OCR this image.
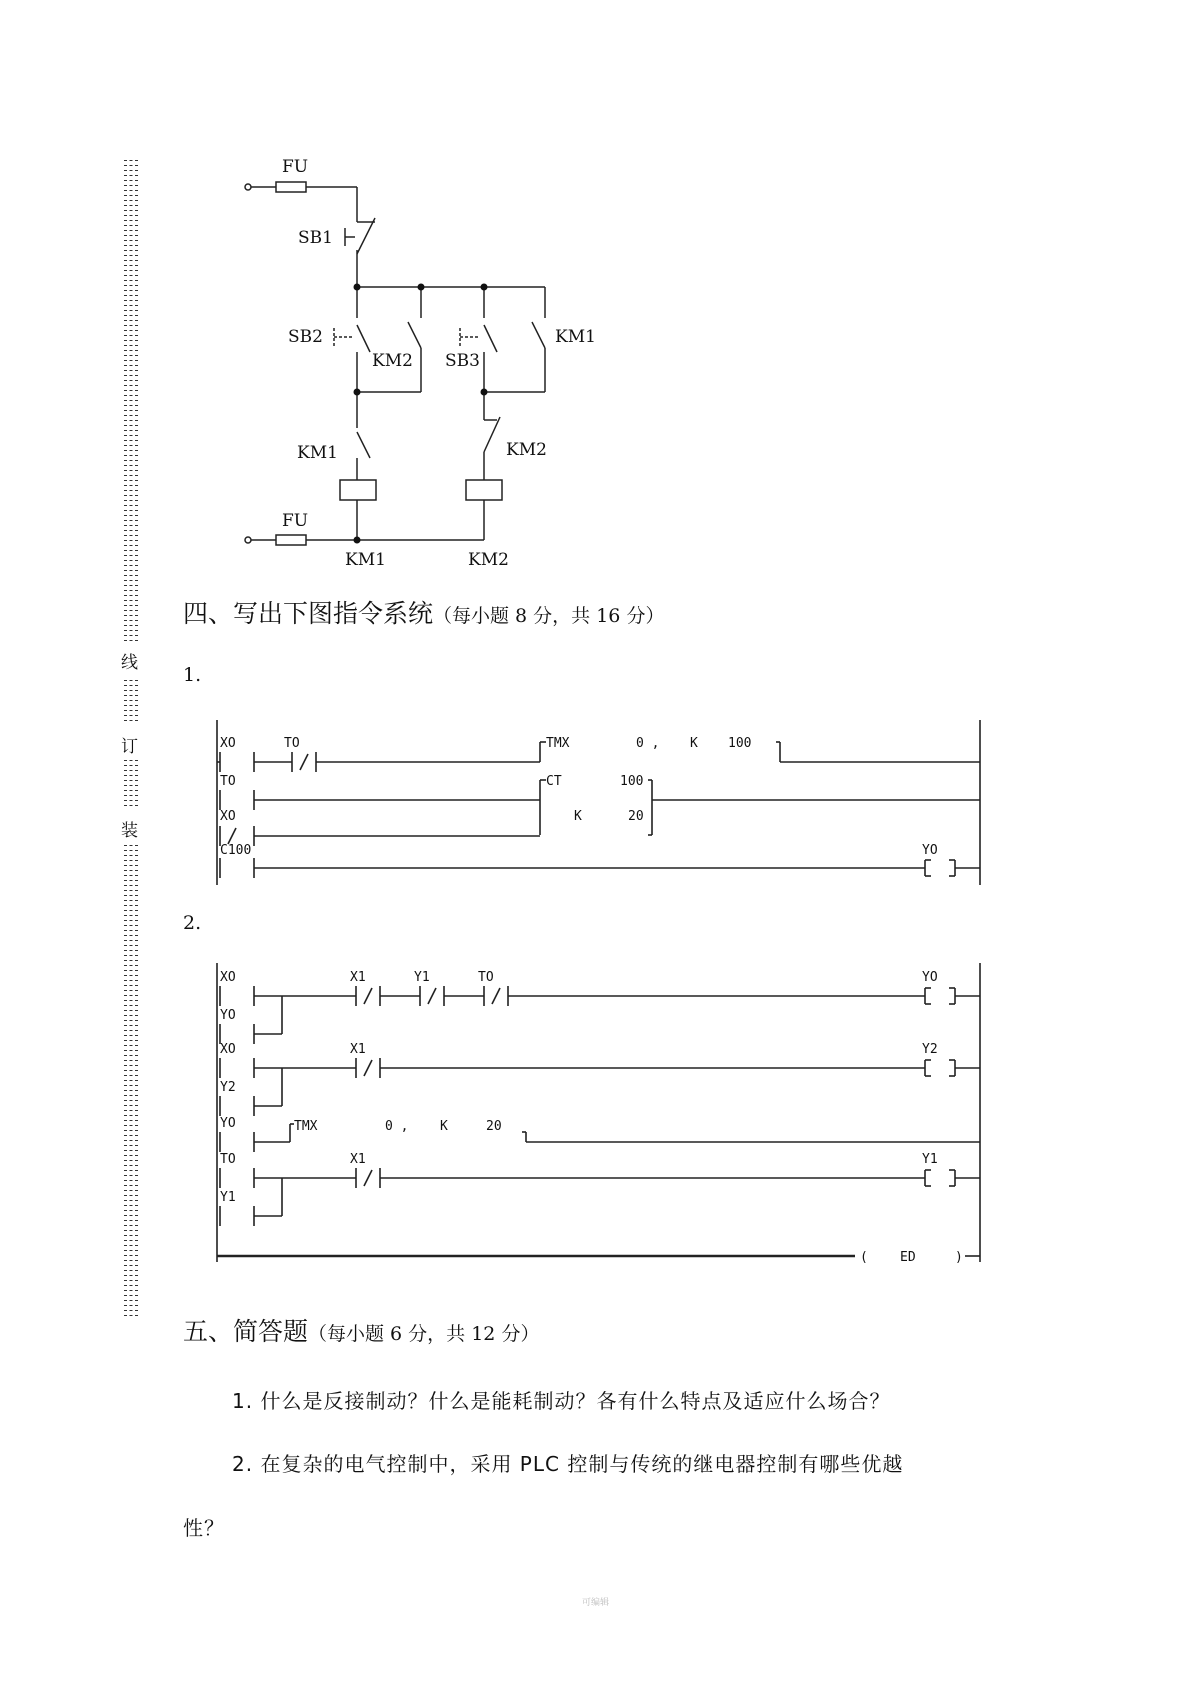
线
订
装
FU
SB1
SB2
KM2 SB3
KM1
KM1	KM2
FU
KM1	KM2
四、写出下图指令系统（每小题 8 分，共 16 分）
1.
XO	TO	TMX	0 , K 100
TO	CT	100
K	20
XO
C100	YO
2.
XO	X1	Y1	TO	YO
YO
XO	X1	Y2
Y2
YO	TMX	0 , K	20
TO	X1	Y1
Y1
( ED	)
五、简答题（每小题 6 分，共 12 分）
1. 什么是反接制动？什么是能耗制动？各有什么特点及适应什么场合？
2. 在复杂的电气控制中，采用 PLC 控制与传统的继电器控制有哪些优越
性？
可编辑
